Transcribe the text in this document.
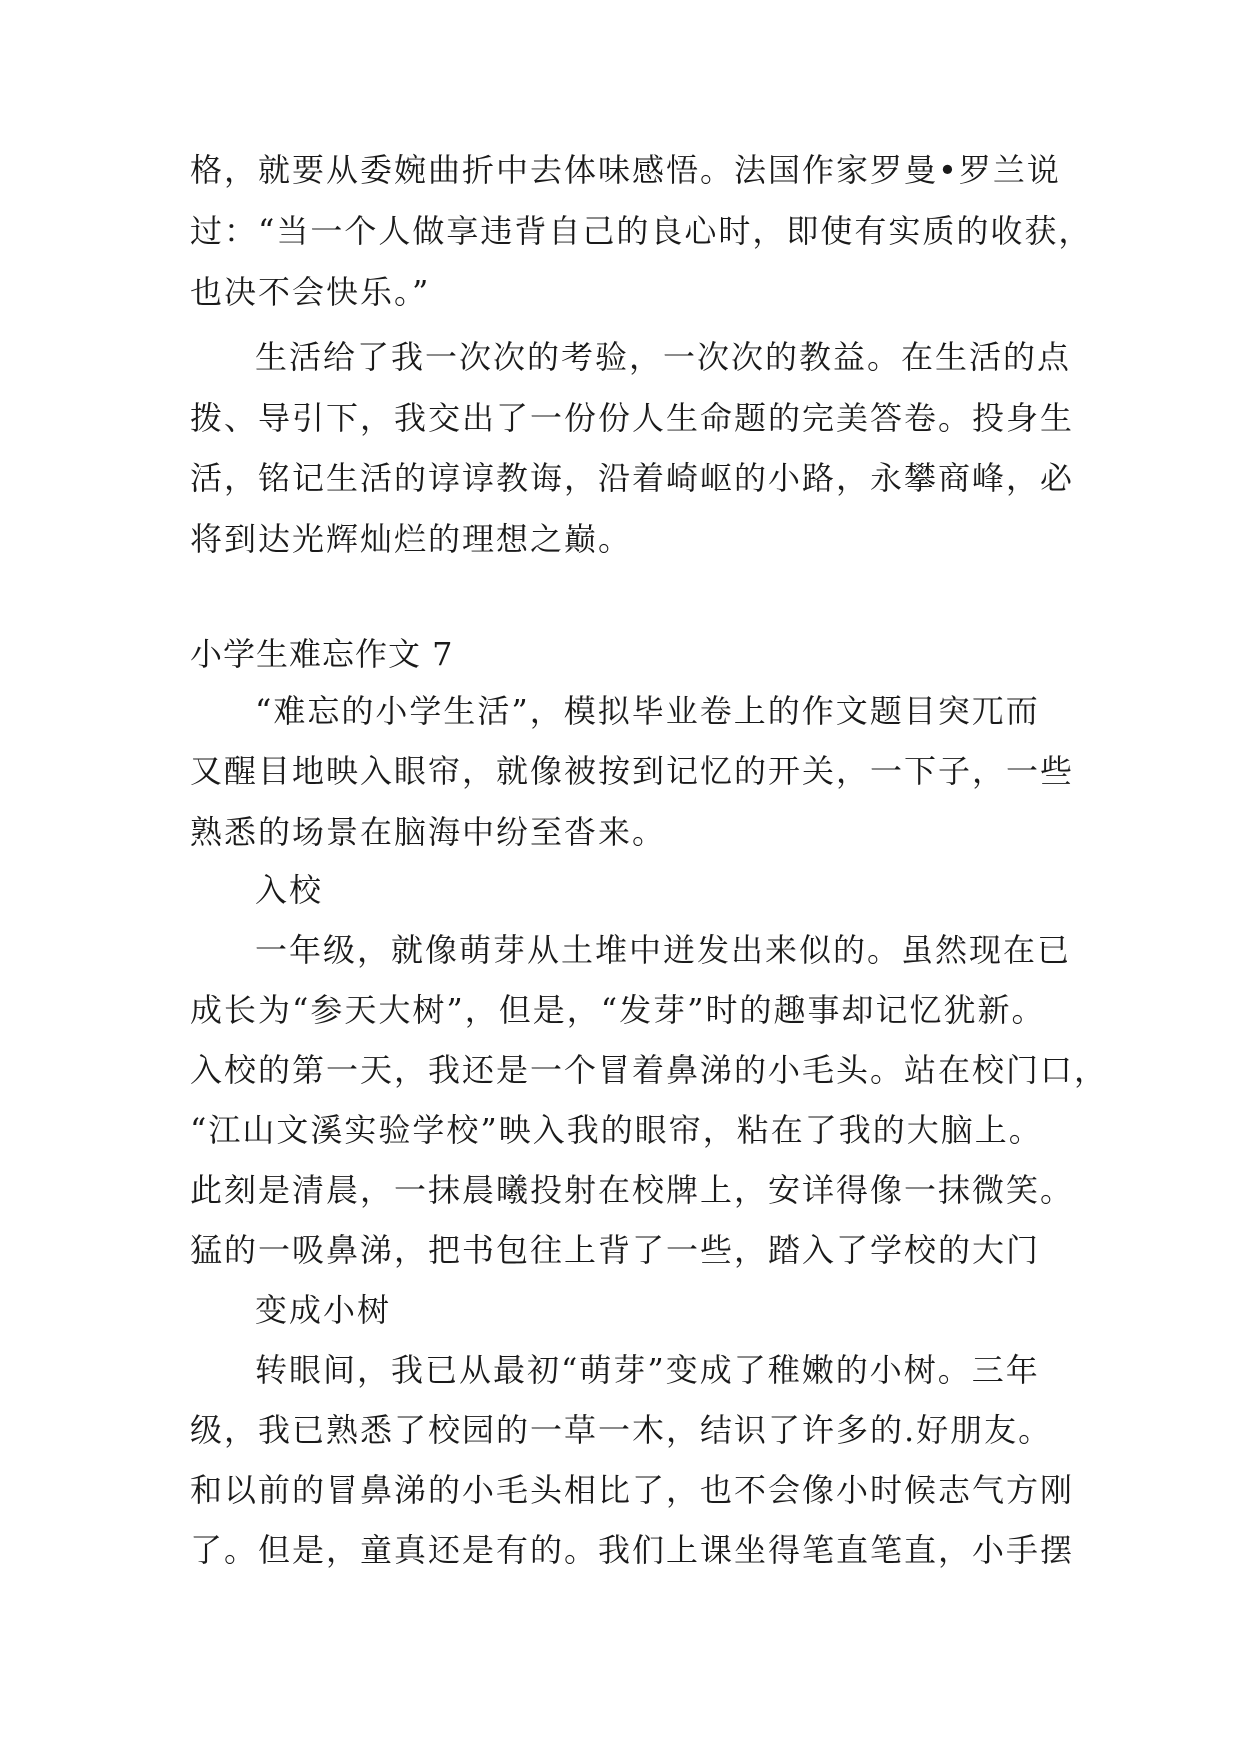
格，就要从委婉曲折中去体味感悟。法国作家罗曼•罗兰说
过：“当一个人做享违背自己的良心时，即使有实质的收获，
也决不会快乐。”
生活给了我一次次的考验，一次次的教益。在生活的点
拨、导引下，我交出了一份份人生命题的完美答卷。投身生
活，铭记生活的谆谆教诲，沿着崎岖的小路，永攀商峰，必
将到达光辉灿烂的理想之巅。
小学生难忘作文 7
“难忘的小学生活”，模拟毕业卷上的作文题目突兀而
又醒目地映入眼帘，就像被按到记忆的开关，一下子，一些
熟悉的场景在脑海中纷至沓来。
入校
一年级，就像萌芽从土堆中迸发出来似的。虽然现在已
成长为“参天大树”，但是，“发芽”时的趣事却记忆犹新。
入校的第一天，我还是一个冒着鼻涕的小毛头。站在校门口，
“江山文溪实验学校”映入我的眼帘，粘在了我的大脑上。
此刻是清晨，一抹晨曦投射在校牌上，安详得像一抹微笑。
猛的一吸鼻涕，把书包往上背了一些，踏入了学校的大门
变成小树
转眼间，我已从最初“萌芽”变成了稚嫩的小树。三年
级，我已熟悉了校园的一草一木，结识了许多的.好朋友。
和以前的冒鼻涕的小毛头相比了，也不会像小时候志气方刚
了。但是，童真还是有的。我们上课坐得笔直笔直，小手摆
